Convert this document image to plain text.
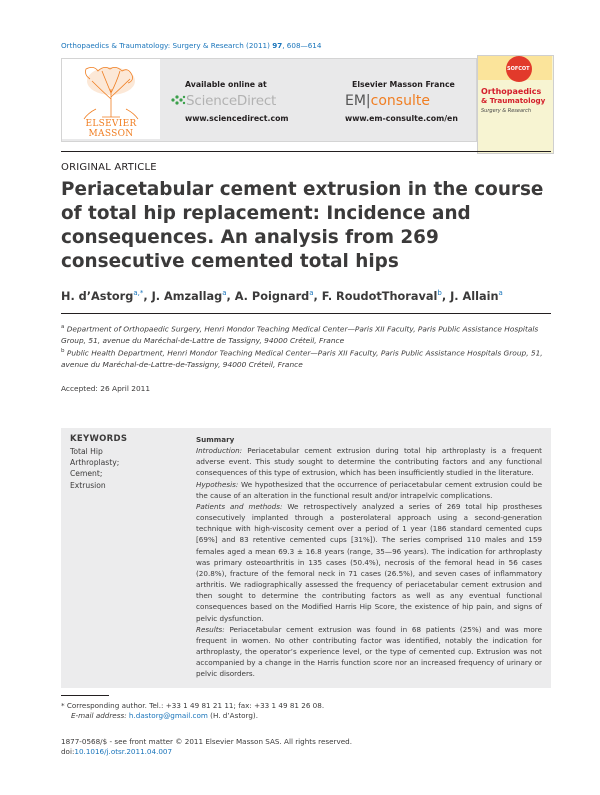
Orthopaedics & Traumatology: Surgery & Research (2011) 97, 608—614
ELSEVIER
MASSON
Available online at
ScienceDirect
www.sciencedirect.com
Elsevier Masson France
EM|consulte
www.em-consulte.com/en
SOFCOT
Orthopaedics
& Traumatology
Surgery & Research
ORIGINAL ARTICLE
Periacetabular cement extrusion in the course of total hip replacement: Incidence and consequences. An analysis from 269 consecutive cemented total hips
H. d’Astorg$^{a,*}$, J. Amzallag$^a$, A. Poignard$^a$, F. RoudotThoraval$^b$, J. Allain$^a$
$^a$ Department of Orthopaedic Surgery, Henri Mondor Teaching Medical Center—Paris XII Faculty, Paris Public Assistance Hospitals Group, 51, avenue du Maréchal-de-Lattre de Tassigny, 94000 Créteil, France
$^b$ Public Health Department, Henri Mondor Teaching Medical Center—Paris XII Faculty, Paris Public Assistance Hospitals Group, 51, avenue du Maréchal-de-Lattre-de-Tassigny, 94000 Créteil, France
Accepted: 26 April 2011
KEYWORDS
Total Hip
Arthroplasty;
Cement;
Extrusion
Summary

Introduction: Periacetabular cement extrusion during total hip arthroplasty is a frequent adverse event. This study sought to determine the contributing factors and any functional consequences of this type of extrusion, which has been insufficiently studied in the literature.

Hypothesis: We hypothesized that the occurrence of periacetabular cement extrusion could be the cause of an alteration in the functional result and/or intrapelvic complications.

Patients and methods: We retrospectively analyzed a series of 269 total hip prostheses consecutively implanted through a posterolateral approach using a second-generation technique with high-viscosity cement over a period of 1 year (186 standard cemented cups [69%] and 83 retentive cemented cups [31%]). The series comprised 110 males and 159 females aged a mean 69.3 ± 16.8 years (range, 35—96 years). The indication for arthroplasty was primary osteoarthritis in 135 cases (50.4%), necrosis of the femoral head in 56 cases (20.8%), fracture of the femoral neck in 71 cases (26.5%), and seven cases of inflammatory arthritis. We radiographically assessed the frequency of periacetabular cement extrusion and then sought to determine the contributing factors as well as any eventual functional consequences based on the Modified Harris Hip Score, the existence of hip pain, and signs of pelvic dysfunction.

Results: Periacetabular cement extrusion was found in 68 patients (25%) and was more frequent in women. No other contributing factor was identified, notably the indication for arthroplasty, the operator’s experience level, or the type of cemented cup. Extrusion was not accompanied by a change in the Harris function score nor an increased frequency of urinary or pelvic disorders.

* Corresponding author. Tel.: +33 1 49 81 21 11; fax: +33 1 49 81 26 08.
E-mail address: h.dastorg@gmail.com (H. d’Astorg).
1877-0568/$ - see front matter © 2011 Elsevier Masson SAS. All rights reserved.
doi:10.1016/j.otsr.2011.04.007
